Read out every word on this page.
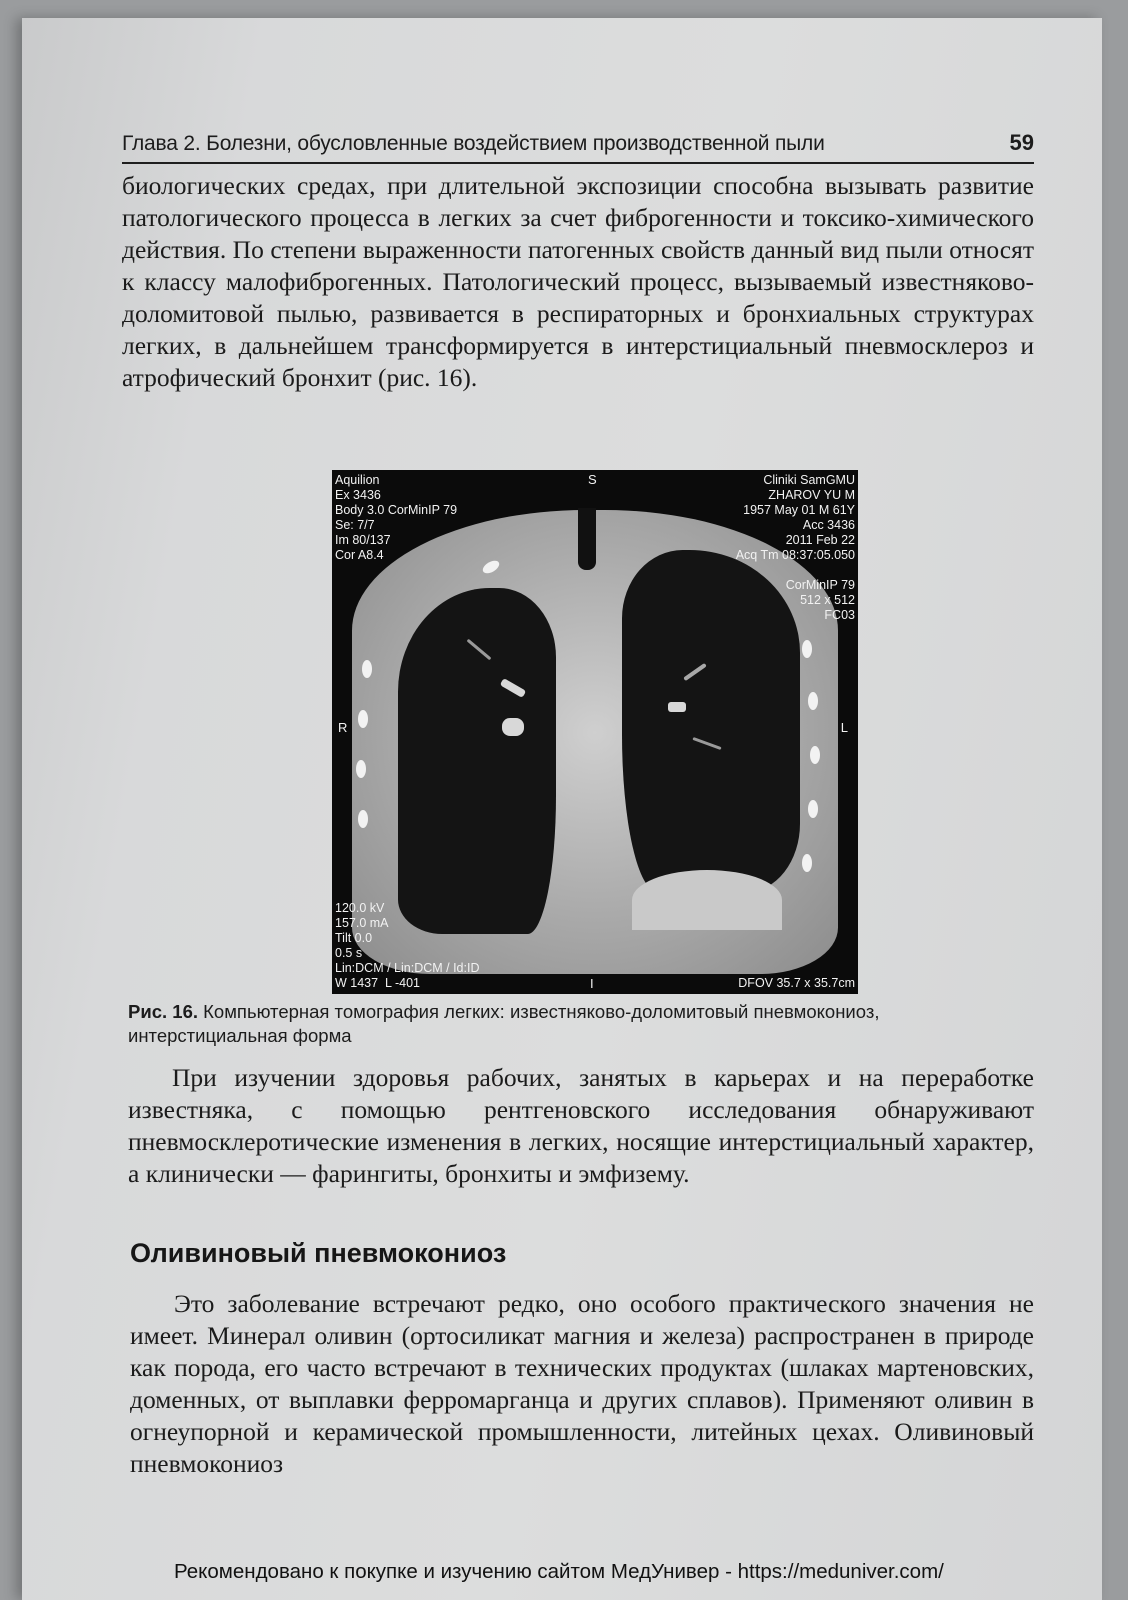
Глава 2. Болезни, обусловленные воздействием производственной пыли	59

биологических средах, при длительной экспозиции способна вызывать развитие патологического процесса в легких за счет фиброгенности и токсико-химического действия. По степени выраженности патогенных свойств данный вид пыли относят к классу малофиброгенных. Патологический процесс, вызываемый известняково-доломитовой пылью, развивается в респираторных и бронхиальных структурах легких, в дальнейшем трансформируется в интерстициальный пневмосклероз и атрофический бронхит (рис. 16).

Aquilion
Ex 3436
Body 3.0 CorMinIP 79
Se: 7/7
Im 80/137
Cor A8.4
Cliniki SamGMU
ZHAROV YU M
1957 May 01 M 61Y
Acc 3436
2011 Feb 22
Acq Tm 08:37:05.050

CorMinIP 79
512 x 512
FC03
120.0 kV
157.0 mA
Tilt 0.0
0.5 s
Lin:DCM / Lin:DCM / Id:ID
W 1437  L -401	DFOV 35.7 x 35.7cm
S
R	L
I
Рис. 16. Компьютерная томография легких: известняково-доломитовый пневмокониоз, интерстициальная форма

При изучении здоровья рабочих, занятых в карьерах и на переработке известняка, с помощью рентгеновского исследования обнаруживают пневмосклеротические изменения в легких, носящие интерстициальный характер, а клинически — фарингиты, бронхиты и эмфизему.

Оливиновый пневмокониоз

Это заболевание встречают редко, оно особого практического значения не имеет. Минерал оливин (ортосиликат магния и железа) распространен в природе как порода, его часто встречают в технических продуктах (шлаках мартеновских, доменных, от выплавки ферромарганца и других сплавов). Применяют оливин в огнеупорной и керамической промышленности, литейных цехах. Оливиновый пневмокониоз

Рекомендовано к покупке и изучению сайтом МедУнивер - https://meduniver.com/
